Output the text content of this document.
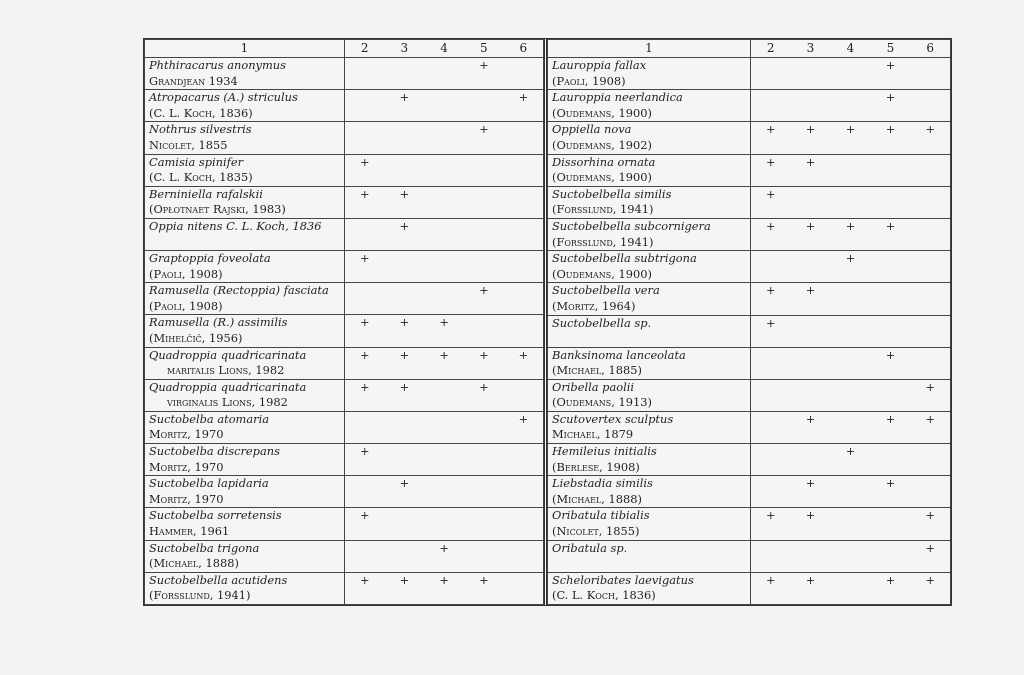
1	2	3	4	5	6

Phthiracarus anonymus
Grandjean 1934				+	

Atropacarus (A.) striculus
(C. L. Koch, 1836)		+			+

Nothrus silvestris
Nicolet, 1855				+	

Camisia spinifer
(C. L. Koch, 1835)	+				

Berniniella rafalskii
(Opłotnaet Rajski, 1983)	+	+			

Oppia nitens C. L. Koch, 1836		+			

Graptoppia foveolata
(Paoli, 1908)	+				

Ramusella (Rectoppia) fasciata
(Paoli, 1908)				+	

Ramusella (R.) assimilis
(Mihelčič, 1956)	+	+	+		

Quadroppia quadricarinata
maritalis Lions, 1982	+	+	+	+	+

Quadroppia quadricarinata
virginalis Lions, 1982	+	+		+	

Suctobelba atomaria
Moritz, 1970					+

Suctobelba discrepans
Moritz, 1970	+				

Suctobelba lapidaria
Moritz, 1970		+			

Suctobelba sorretensis
Hammer, 1961	+				

Suctobelba trigona
(Michael, 1888)			+		

Suctobelbella acutidens
(Forsslund, 1941)	+	+	+	+	
1	2	3	4	5	6

Lauroppia fallax
(Paoli, 1908)				+	

Lauroppia neerlandica
(Oudemans, 1900)				+	

Oppiella nova
(Oudemans, 1902)	+	+	+	+	+

Dissorhina ornata
(Oudemans, 1900)	+	+			

Suctobelbella similis
(Forsslund, 1941)	+				

Suctobelbella subcornigera
(Forsslund, 1941)	+	+	+	+	

Suctobelbella subtrigona
(Oudemans, 1900)			+		

Suctobelbella vera
(Moritz, 1964)	+	+			

Suctobelbella sp.	+				

Banksinoma lanceolata
(Michael, 1885)				+	

Oribella paolii
(Oudemans, 1913)					+

Scutovertex sculptus
Michael, 1879		+		+	+

Hemileius initialis
(Berlese, 1908)			+		

Liebstadia similis
(Michael, 1888)		+		+	

Oribatula tibialis
(Nicolet, 1855)	+	+			+

Oribatula sp.					+

Scheloribates laevigatus
(C. L. Koch, 1836)	+	+		+	+
